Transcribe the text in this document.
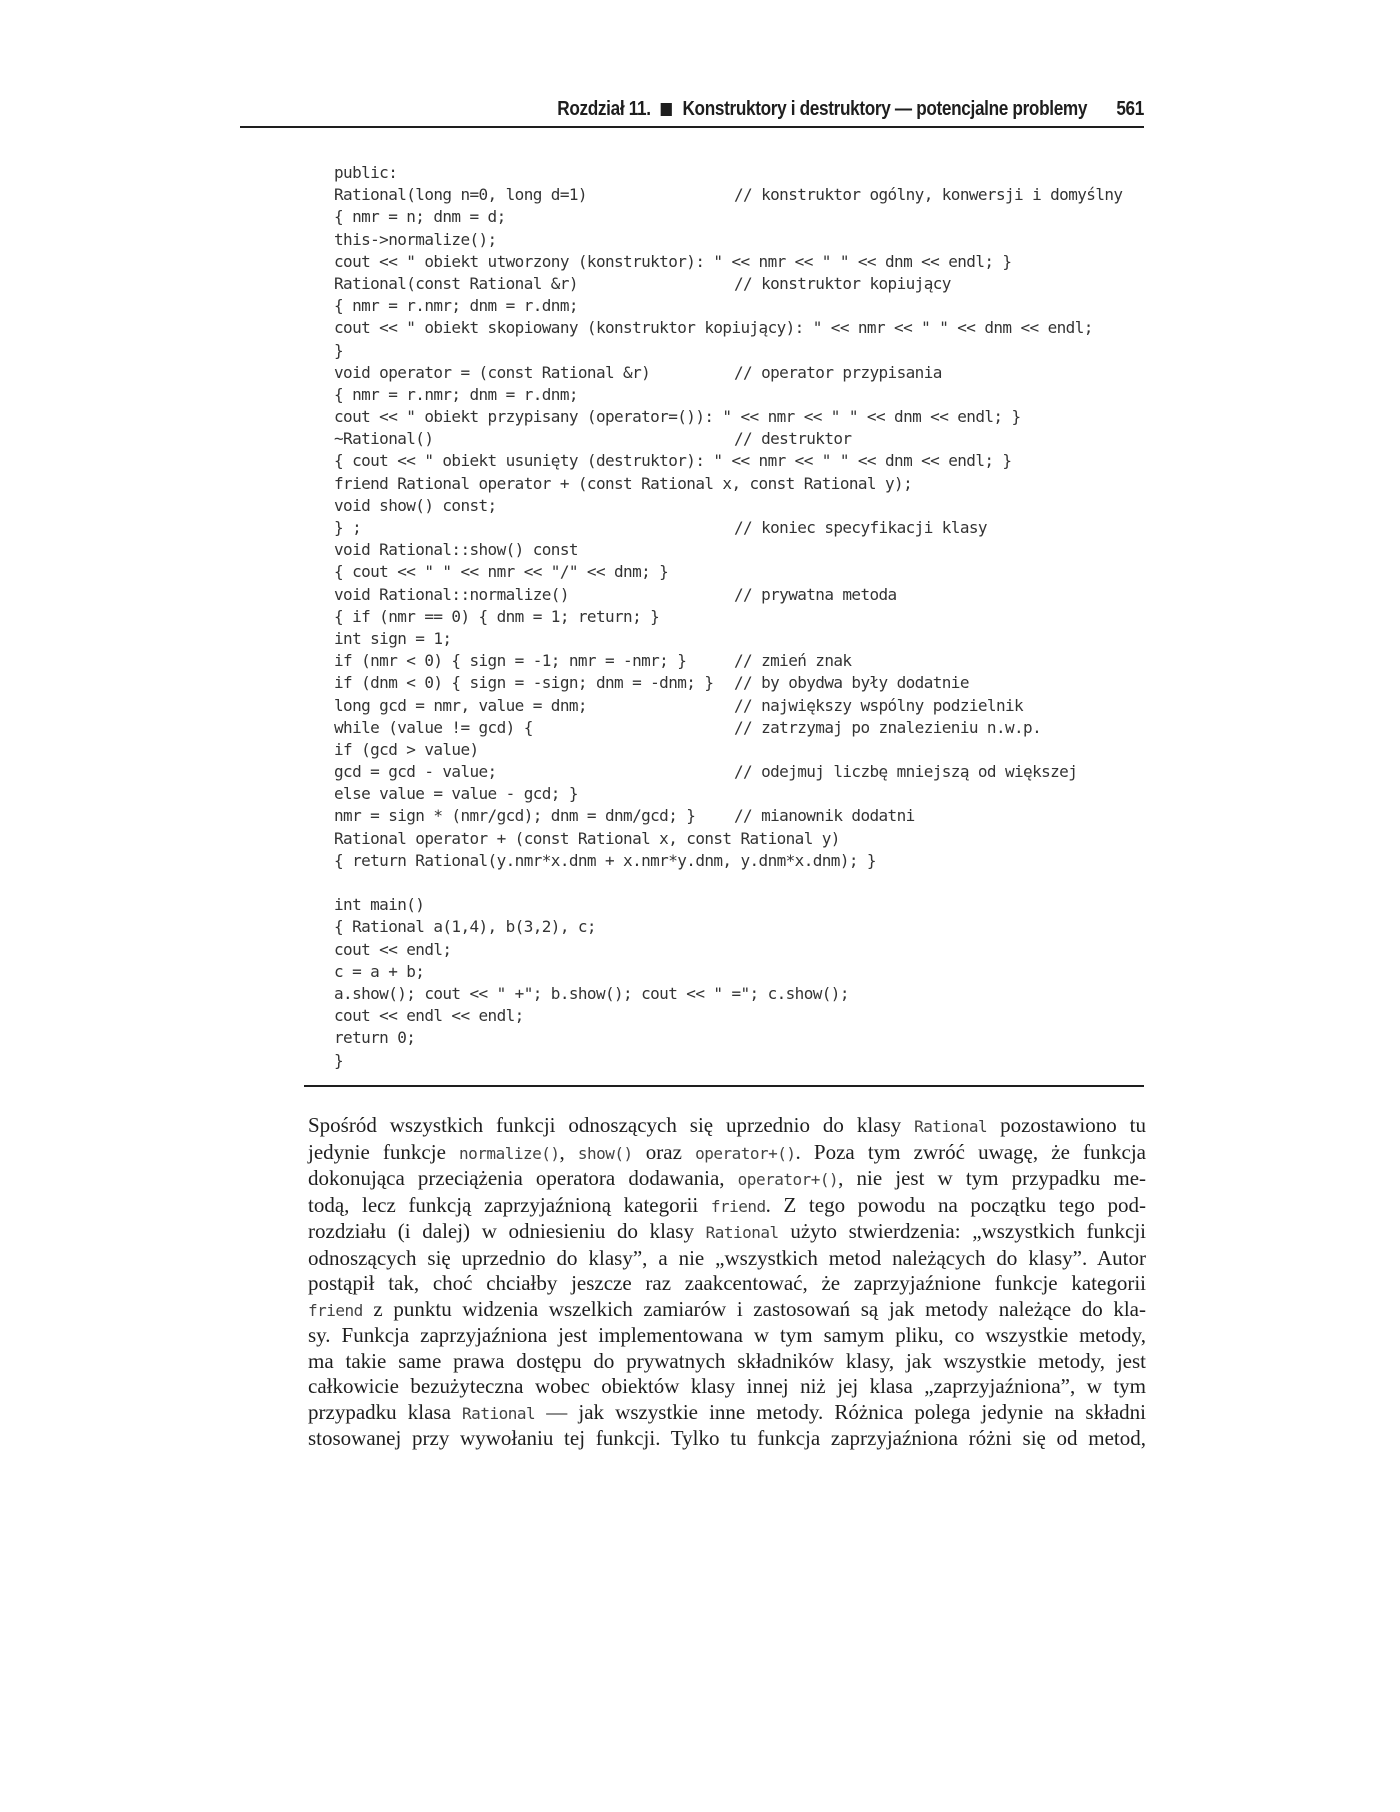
Rozdział 11. Konstruktory i destruktory — potencjalne problemy 561
public:
Rational(long n=0, long d=1)	// konstruktor ogólny, konwersji i domyślny
{ nmr = n; dnm = d;
this->normalize();
cout << " obiekt utworzony (konstruktor): " << nmr << " " << dnm << endl; }
Rational(const Rational &r)	// konstruktor kopiujący
{ nmr = r.nmr; dnm = r.dnm;
cout << " obiekt skopiowany (konstruktor kopiujący): " << nmr << " " << dnm << endl;
}
void operator = (const Rational &r)	// operator przypisania
{ nmr = r.nmr; dnm = r.dnm;
cout << " obiekt przypisany (operator=()): " << nmr << " " << dnm << endl; }
~Rational()	// destruktor
{ cout << " obiekt usunięty (destruktor): " << nmr << " " << dnm << endl; }
friend Rational operator + (const Rational x, const Rational y);
void show() const;
} ;	// koniec specyfikacji klasy
void Rational::show() const
{ cout << " " << nmr << "/" << dnm; }
void Rational::normalize()	// prywatna metoda
{ if (nmr == 0) { dnm = 1; return; }
int sign = 1;
if (nmr < 0) { sign = -1; nmr = -nmr; }	// zmień znak
if (dnm < 0) { sign = -sign; dnm = -dnm; } // by obydwa były dodatnie
long gcd = nmr, value = dnm;	// największy wspólny podzielnik
while (value != gcd) {	// zatrzymaj po znalezieniu n.w.p.
if (gcd > value)
gcd = gcd - value;	// odejmuj liczbę mniejszą od większej
else value = value - gcd; }
nmr = sign * (nmr/gcd); dnm = dnm/gcd; } // mianownik dodatni
Rational operator + (const Rational x, const Rational y)
{ return Rational(y.nmr*x.dnm + x.nmr*y.dnm, y.dnm*x.dnm); }
int main()
{ Rational a(1,4), b(3,2), c;
cout << endl;
c = a + b;
a.show(); cout << " +"; b.show(); cout << " ="; c.show();
cout << endl << endl;
return 0;
}
Spośród wszystkich funkcji odnoszących się uprzednio do klasy Rational pozostawiono tu
jedynie funkcje normalize(), show() oraz operator+(). Poza tym zwróć uwagę, że funkcja
dokonująca przeciążenia operatora dodawania, operator+(), nie jest w tym przypadku me-
todą, lecz funkcją zaprzyjaźnioną kategorii friend. Z tego powodu na początku tego pod-
rozdziału (i dalej) w odniesieniu do klasy Rational użyto stwierdzenia: „wszystkich funkcji
odnoszących się uprzednio do klasy”, a nie „wszystkich metod należących do klasy”. Autor
postąpił tak, choć chciałby jeszcze raz zaakcentować, że zaprzyjaźnione funkcje kategorii
friend z punktu widzenia wszelkich zamiarów i zastosowań są jak metody należące do kla-
sy. Funkcja zaprzyjaźniona jest implementowana w tym samym pliku, co wszystkie metody,
ma takie same prawa dostępu do prywatnych składników klasy, jak wszystkie metody, jest
całkowicie bezużyteczna wobec obiektów klasy innej niż jej klasa „zaprzyjaźniona”, w tym
przypadku klasa Rational — jak wszystkie inne metody. Różnica polega jedynie na składni
stosowanej przy wywołaniu tej funkcji. Tylko tu funkcja zaprzyjaźniona różni się od metod,
